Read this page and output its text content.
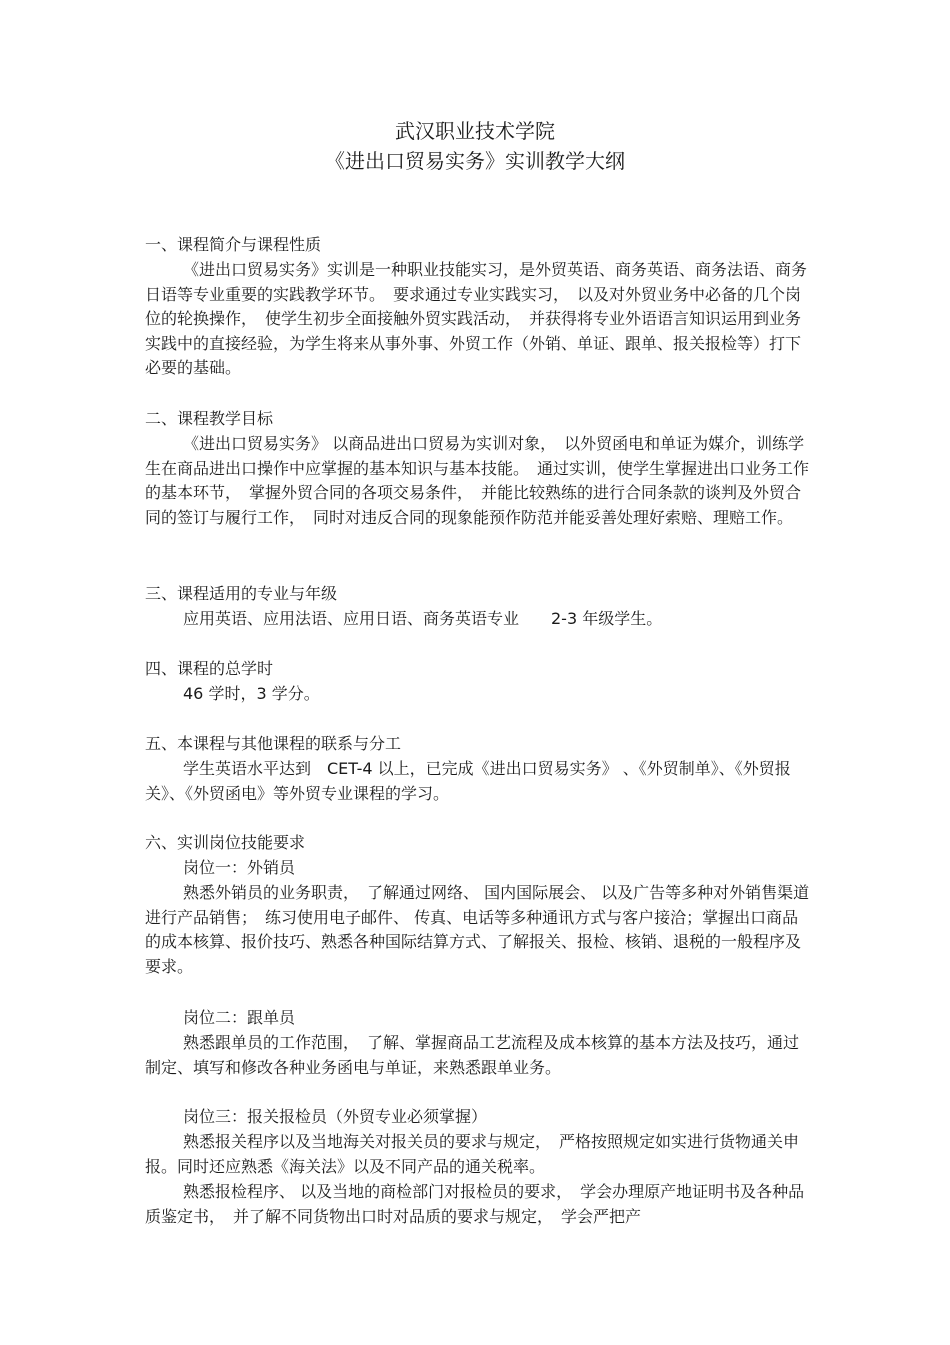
武汉职业技术学院
《进出口贸易实务》实训教学大纲
一、课程简介与课程性质
《进出口贸易实务》实训是一种职业技能实习，是外贸英语、商务英语、商务法语、商务日语等专业重要的实践教学环节。　要求通过专业实践实习，　以及对外贸业务中必备的几个岗位的轮换操作，　使学生初步全面接触外贸实践活动，　并获得将专业外语语言知识运用到业务实践中的直接经验，为学生将来从事外事、外贸工作（外销、单证、跟单、报关报检等）打下必要的基础。
二、课程教学目标
《进出口贸易实务》 以商品进出口贸易为实训对象，　以外贸函电和单证为媒介，训练学生在商品进出口操作中应掌握的基本知识与基本技能。　通过实训，使学生掌握进出口业务工作的基本环节，　掌握外贸合同的各项交易条件，　并能比较熟练的进行合同条款的谈判及外贸合同的签订与履行工作，　同时对违反合同的现象能预作防范并能妥善处理好索赔、理赔工作。
三、课程适用的专业与年级
应用英语、应用法语、应用日语、商务英语专业　　2-3 年级学生。
四、课程的总学时
46 学时，3 学分。
五、本课程与其他课程的联系与分工
学生英语水平达到　CET-4 以上，已完成《进出口贸易实务》 、《外贸制单》、《外贸报关》、《外贸函电》等外贸专业课程的学习。
六、实训岗位技能要求
岗位一：外销员
熟悉外销员的业务职责，　了解通过网络、 国内国际展会、 以及广告等多种对外销售渠道进行产品销售；　练习使用电子邮件、 传真、电话等多种通讯方式与客户接洽；掌握出口商品的成本核算、报价技巧、熟悉各种国际结算方式、了解报关、报检、核销、退税的一般程序及要求。
岗位二：跟单员
熟悉跟单员的工作范围，　了解、掌握商品工艺流程及成本核算的基本方法及技巧，通过制定、填写和修改各种业务函电与单证，来熟悉跟单业务。
岗位三：报关报检员（外贸专业必须掌握）
熟悉报关程序以及当地海关对报关员的要求与规定，　严格按照规定如实进行货物通关申报。同时还应熟悉《海关法》以及不同产品的通关税率。
熟悉报检程序、 以及当地的商检部门对报检员的要求，　学会办理原产地证明书及各种品质鉴定书，　并了解不同货物出口时对品质的要求与规定，　学会严把产
